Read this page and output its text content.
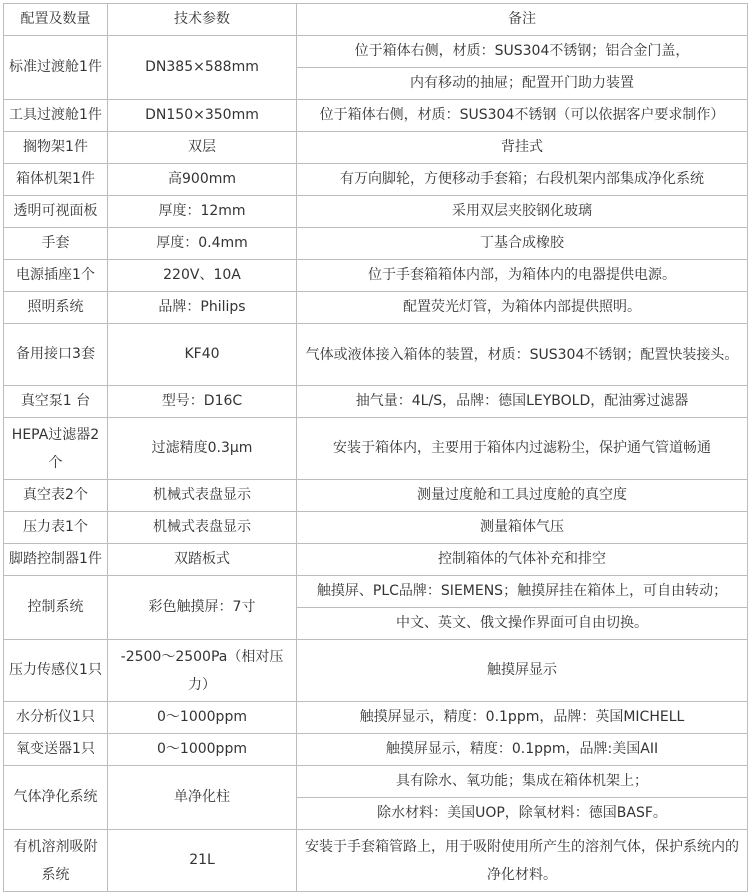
配置及数量	技术参数	备注
标准过渡舱1件	DN385×588mm	位于箱体右侧，材质：SUS304不锈钢；铝合金门盖，
		内有移动的抽屉；配置开门助力装置
工具过渡舱1件	DN150×350mm	位于箱体右侧，材质：SUS304不锈钢（可以依据客户要求制作）
搁物架1件	双层	背挂式
箱体机架1件	高900mm	有万向脚轮，方便移动手套箱；右段机架内部集成净化系统
透明可视面板	厚度：12mm	采用双层夹胶钢化玻璃
手套	厚度：0.4mm	丁基合成橡胶
电源插座1个	220V、10A	位于手套箱箱体内部，为箱体内的电器提供电源。
照明系统	品牌：Philips	配置荧光灯管，为箱体内部提供照明。
备用接口3套	KF40	气体或液体接入箱体的装置，材质：SUS304不锈钢；配置快装接头。
真空泵1 台	型号：D16C	抽气量：4L/S，品牌：德国LEYBOLD，配油雾过滤器
HEPA过滤器2个	过滤精度0.3μm	安装于箱体内，主要用于箱体内过滤粉尘，保护通气管道畅通
真空表2个	机械式表盘显示	测量过度舱和工具过度舱的真空度
压力表1个	机械式表盘显示	测量箱体气压
脚踏控制器1件	双踏板式	控制箱体的气体补充和排空
控制系统	彩色触摸屏：7寸	触摸屏、PLC品牌：SIEMENS；触摸屏挂在箱体上，可自由转动；
		中文、英文、俄文操作界面可自由切换。
压力传感仪1只	-2500～2500Pa（相对压力）	触摸屏显示
水分析仪1只	0～1000ppm	触摸屏显示，精度：0.1ppm，品牌：英国MICHELL
氧变送器1只	0～1000ppm	触摸屏显示，精度：0.1ppm，品牌:美国AII
气体净化系统	单净化柱	具有除水、氧功能；集成在箱体机架上；
		除水材料：美国UOP，除氧材料：德国BASF。
有机溶剂吸附系统	21L	安装于手套箱管路上，用于吸附使用所产生的溶剂气体，保护系统内的净化材料。
